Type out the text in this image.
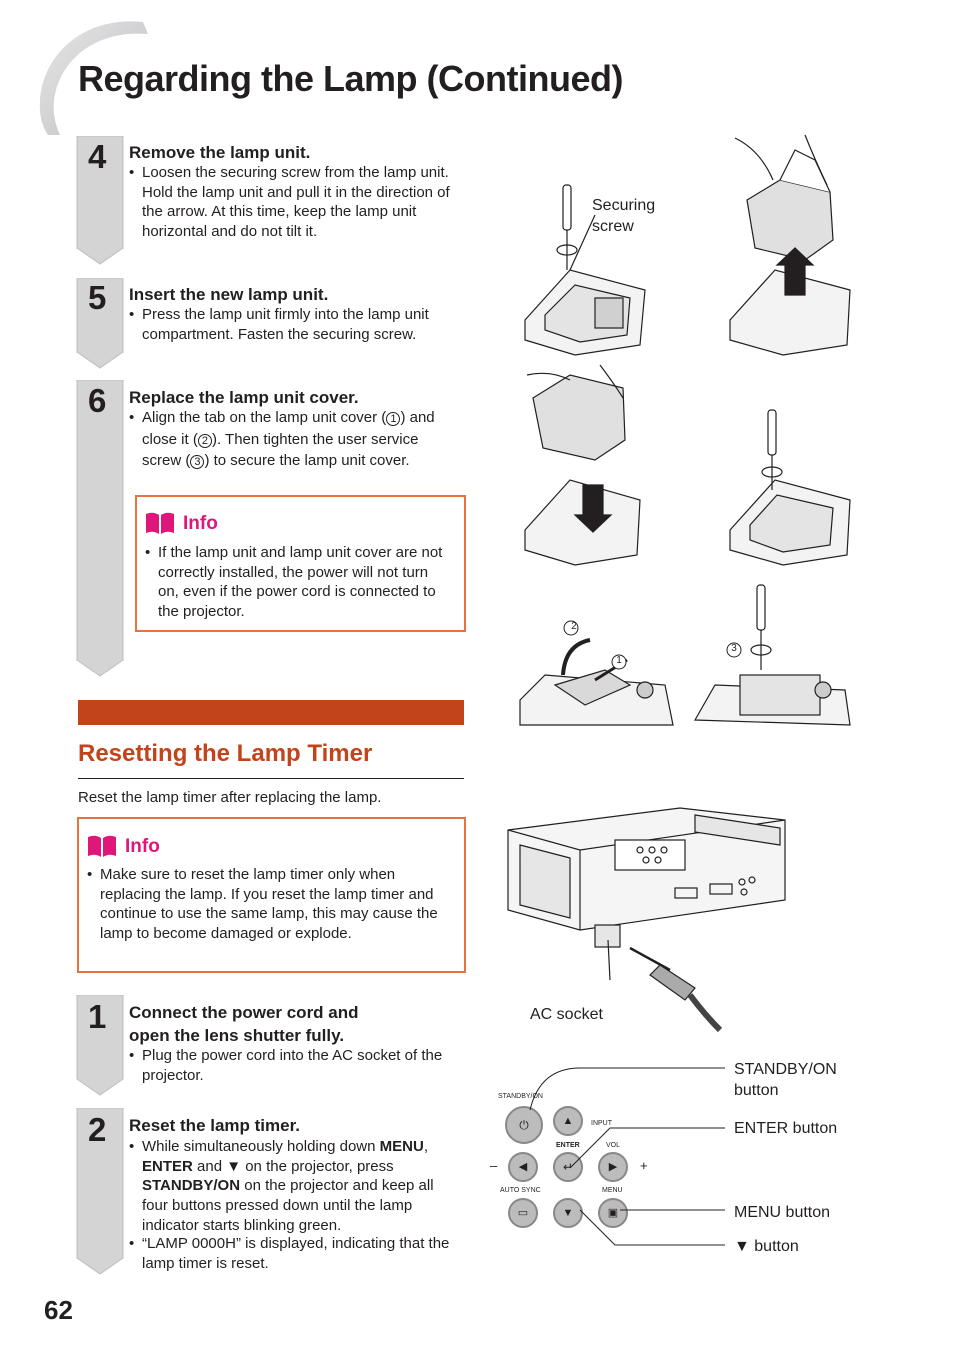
Regarding the Lamp (Continued)
4 Remove the lamp unit.
• Loosen the securing screw from the lamp unit. Hold the lamp unit and pull it in the direction of the arrow. At this time, keep the lamp unit horizontal and do not tilt it.
5 Insert the new lamp unit.
• Press the lamp unit firmly into the lamp unit compartment. Fasten the securing screw.
6 Replace the lamp unit cover.
• Align the tab on the lamp unit cover ( 1 ) and close it ( 2 ). Then tighten the user service screw ( 3 ) to secure the lamp unit cover.
Info
• If the lamp unit and lamp unit cover are not correctly installed, the power will not turn on, even if the power cord is connected to the projector.
Resetting the Lamp Timer
Reset the lamp timer after replacing the lamp.
Info
• Make sure to reset the lamp timer only when replacing the lamp. If you reset the lamp timer and continue to use the same lamp, this may cause the lamp to become damaged or explode.
1 Connect the power cord and
open the lens shutter fully.
• Plug the power cord into the AC socket of the projector.
2 Reset the lamp timer.
• While simultaneously holding down MENU, ENTER and ▼ on the projector, press STANDBY/ON on the projector and keep all four buttons pressed down until the lamp indicator starts blinking green.
• “LAMP 0000H” is displayed, indicating that the lamp timer is reset.
2
1
3
Securing screw
AC socket
STANDBY/ON
INPUT
ENTER	VOL
AUTO SYNC	MENU
–	+
⏻	▲
◀	↵	▶
▭	▼	▣
STANDBY/ON button
ENTER button
MENU button
▼ button
62
